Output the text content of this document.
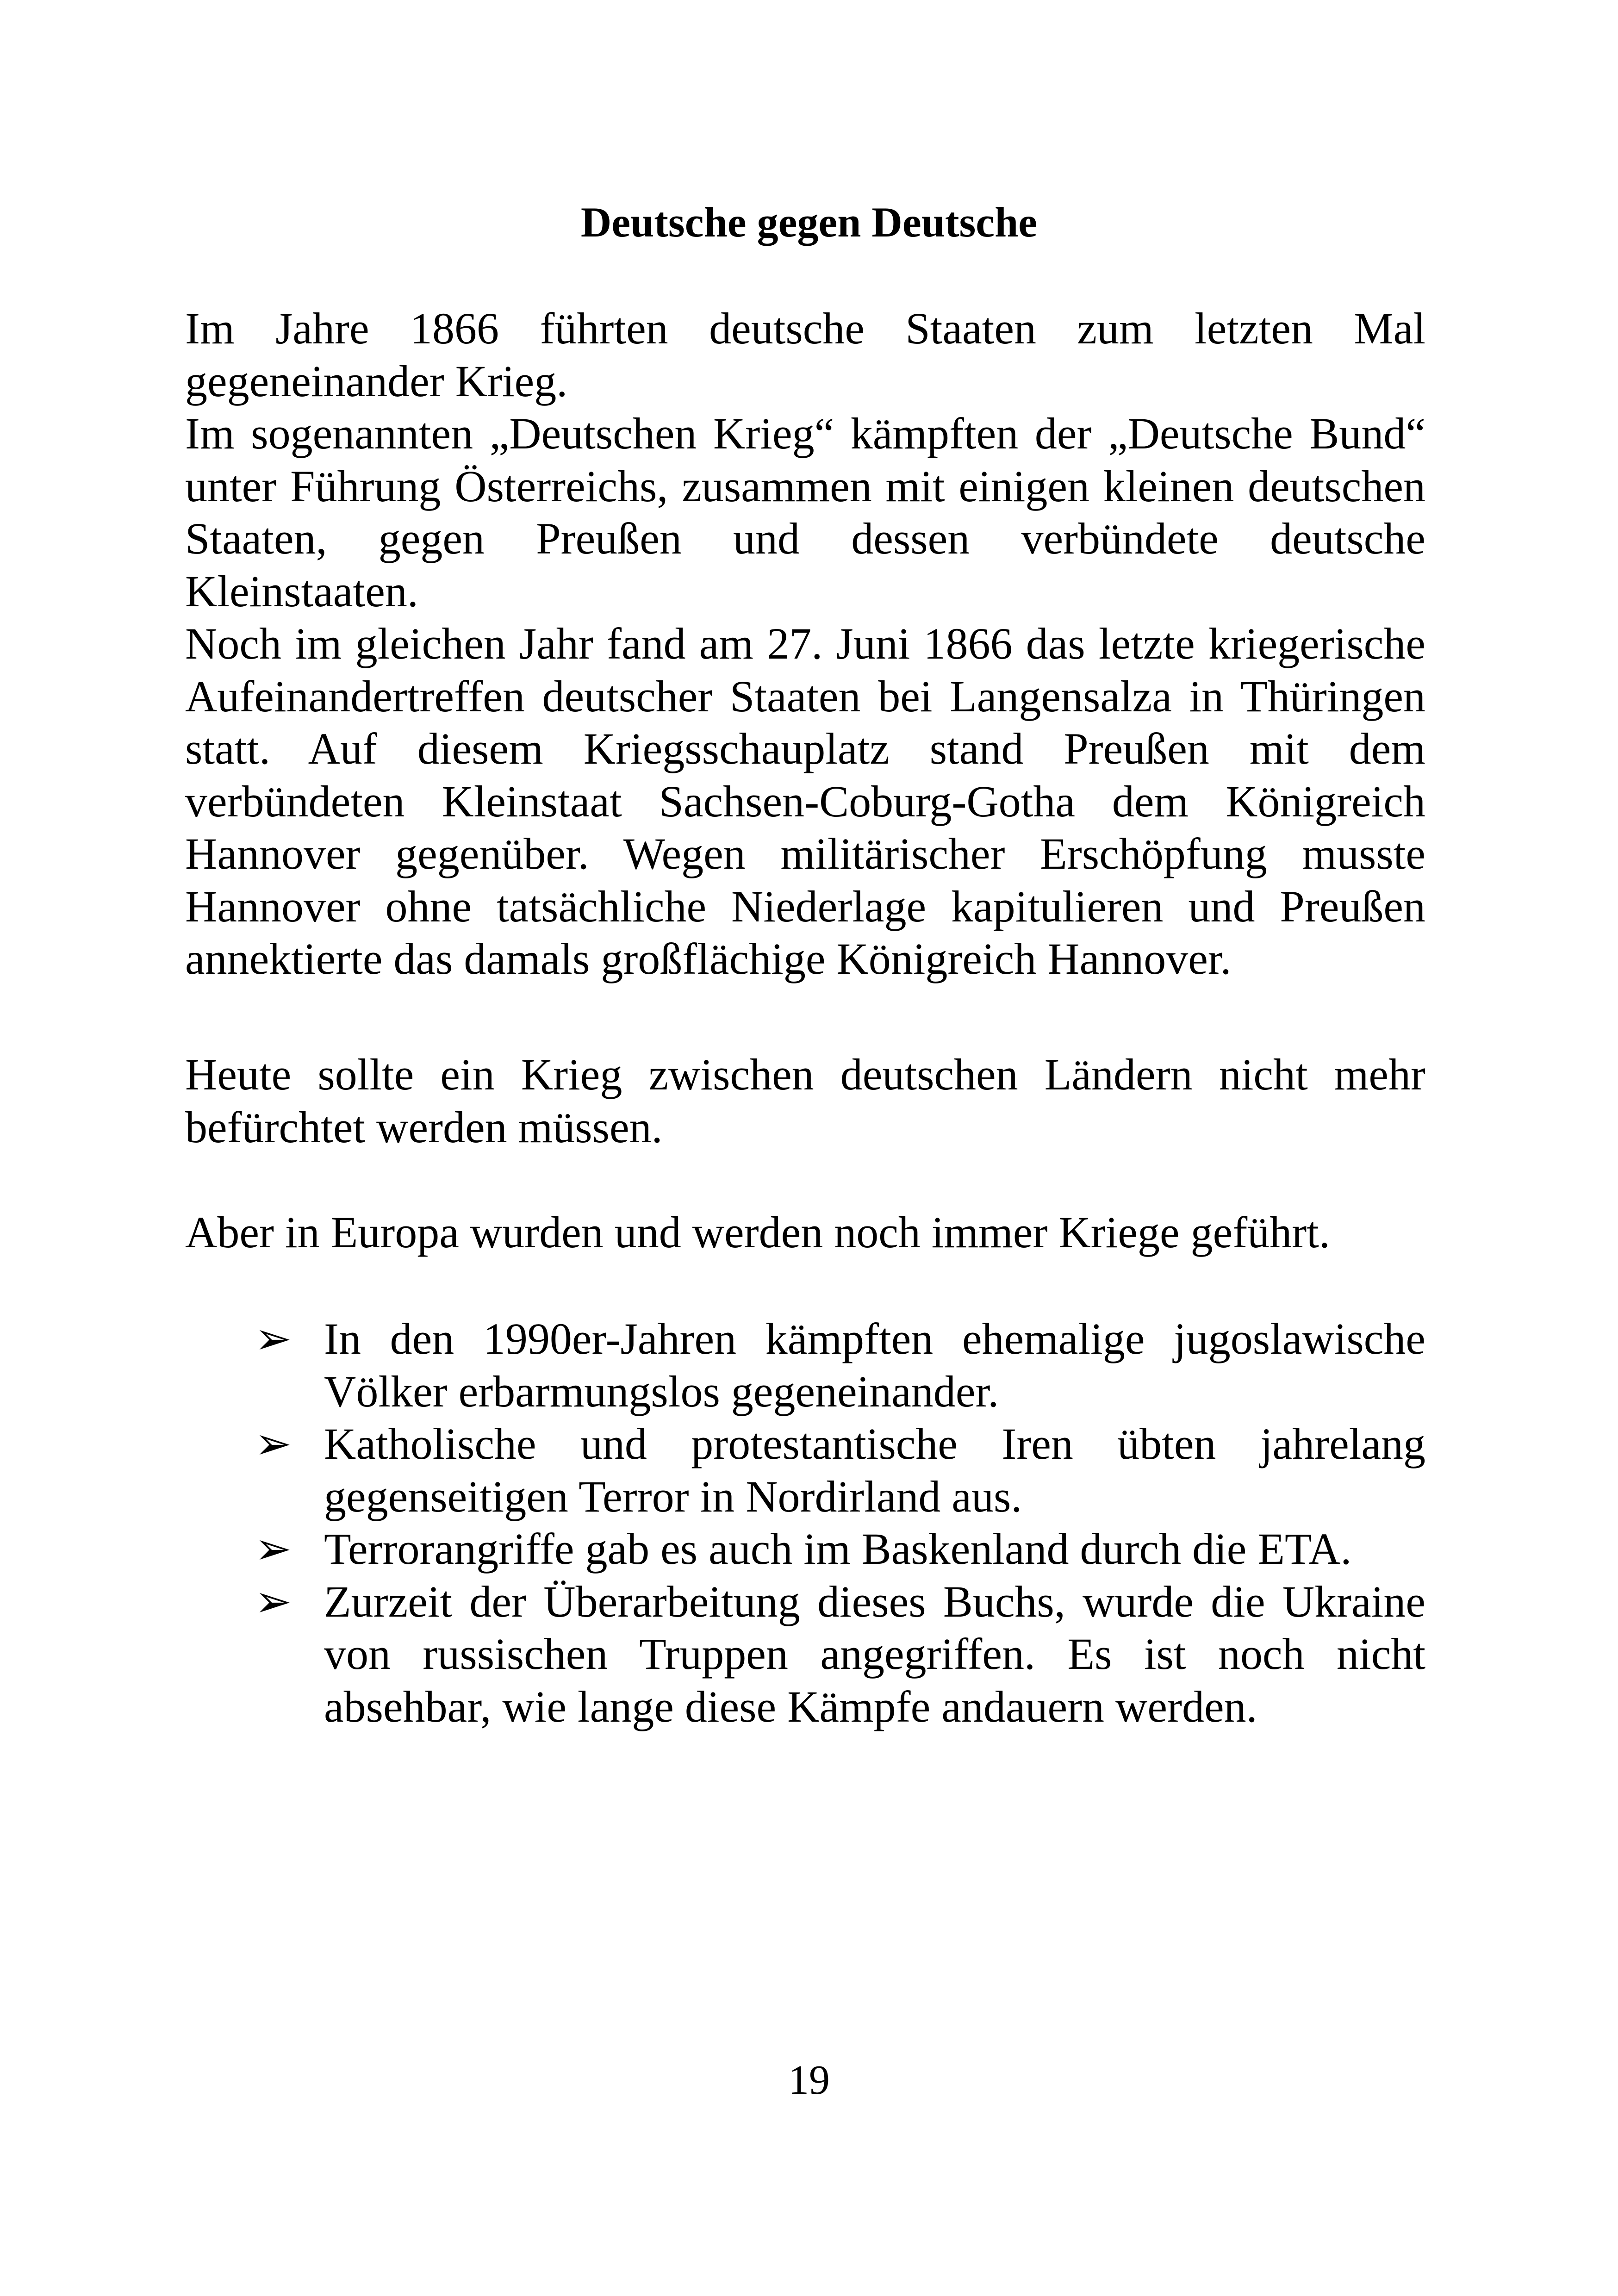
Deutsche gegen Deutsche
Im Jahre 1866 führten deutsche Staaten zum letzten Mal gegeneinander Krieg.
Im sogenannten „Deutschen Krieg“ kämpften der „Deutsche Bund“ unter Führung Österreichs, zusammen mit einigen kleinen deutschen Staaten, gegen Preußen und dessen verbündete deutsche Kleinstaaten.
Noch im gleichen Jahr fand am 27. Juni 1866 das letzte kriegerische Aufeinandertreffen deutscher Staaten bei Langensalza in Thüringen statt. Auf diesem Kriegsschauplatz stand Preußen mit dem verbündeten Kleinstaat Sachsen-Coburg-Gotha dem Königreich Hannover gegenüber. Wegen militärischer Erschöpfung musste Hannover ohne tatsächliche Niederlage kapitulieren und Preußen annektierte das damals großflächige Königreich Hannover.

Heute sollte ein Krieg zwischen deutschen Ländern nicht mehr befürchtet werden müssen.

Aber in Europa wurden und werden noch immer Kriege geführt.

➢ In den 1990er-Jahren kämpften ehemalige jugoslawische Völker erbarmungslos gegeneinander.
➢ Katholische und protestantische Iren übten jahrelang gegenseitigen Terror in Nordirland aus.
➢ Terrorangriffe gab es auch im Baskenland durch die ETA.
➢ Zurzeit der Überarbeitung dieses Buchs, wurde die Ukraine von russischen Truppen angegriffen. Es ist noch nicht absehbar, wie lange diese Kämpfe andauern werden.

19
